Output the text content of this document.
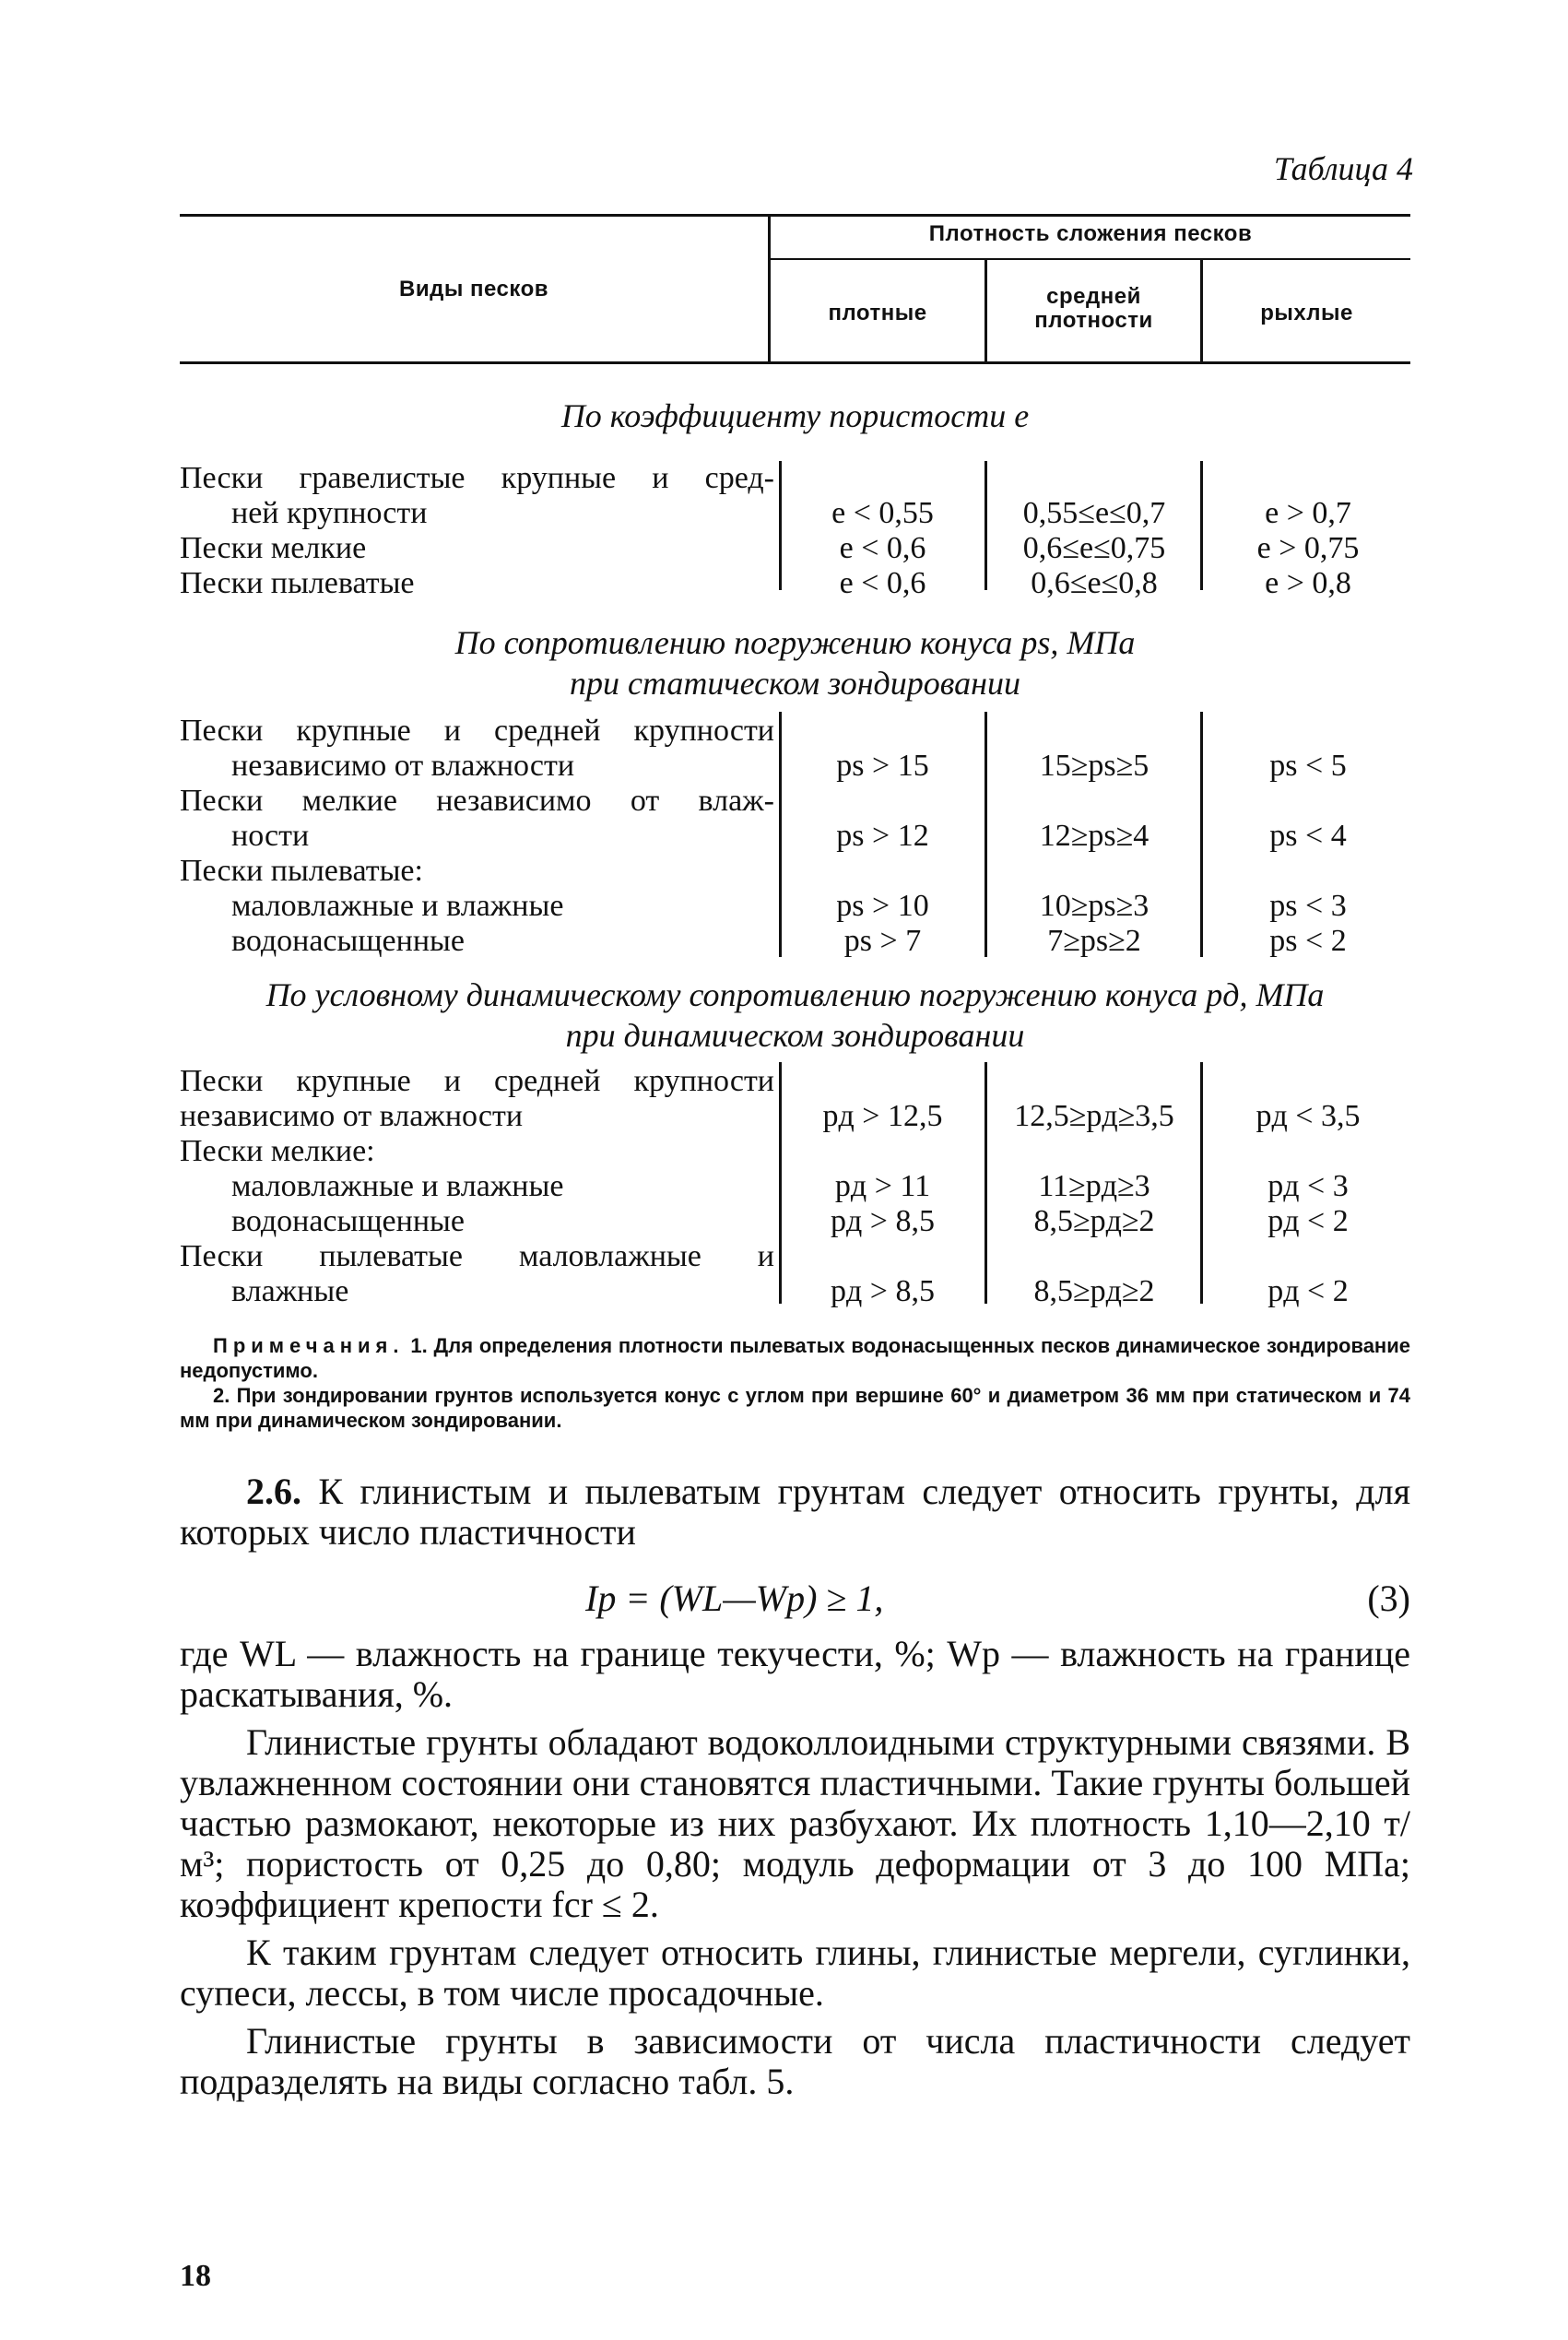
Таблица 4
Виды песков
Плотность сложения песков
плотные
средней
плотности	рыхлые
По коэффициенту пористости e
Пески гравелистые крупные и сред-
ней крупности
Пески мелкие
Пески пылеватые
e < 0,55
e < 0,6
e < 0,6
0,55≤e≤0,7
0,6≤e≤0,75
0,6≤e≤0,8
e > 0,7
e > 0,75
e > 0,8
По сопротивлению погружению конуса ps, МПа
при статическом зондировании
Пески крупные и средней крупности
независимо от влажности
Пески мелкие независимо от влаж-
ности
Пески пылеватые:
маловлажные и влажные
водонасыщенные
ps > 15
ps > 12
ps > 10
ps > 7
15≥ps≥5
12≥ps≥4
10≥ps≥3
7≥ps≥2
ps < 5
ps < 4
ps < 3
ps < 2
По условному динамическому сопротивлению погружению конуса pд, МПа
при динамическом зондировании
Пески крупные и средней крупности
независимо от влажности
Пески мелкие:
маловлажные и влажные
водонасыщенные
Пески пылеватые маловлажные и
влажные
pд > 12,5
pд > 11
pд > 8,5
pд > 8,5
12,5≥pд≥3,5
11≥pд≥3
8,5≥pд≥2
8,5≥pд≥2
pд < 3,5
pд < 3
pд < 2
pд < 2

Примечания. 1. Для определения плотности пылеватых водонасыщенных песков динамическое зондирование недопустимо.

2. При зондировании грунтов используется конус с углом при вершине 60° и диаметром 36 мм при статическом и 74 мм при динамическом зондировании.

2.6. К глинистым и пылеватым грунтам следует относить грунты, для которых число пластичности

Ip = (WL—Wp) ≥ 1,	(3)

где WL — влажность на границе текучести, %; Wp — влажность на границе раскатывания, %.

Глинистые грунты обладают водоколлоидными структурными связями. В увлажненном состоянии они становятся пластичными. Такие грунты большей частью размокают, некоторые из них разбухают. Их плотность 1,10—2,10 т/м³; пористость от 0,25 до 0,80; модуль деформации от 3 до 100 МПа; коэффициент крепости fcr ≤ 2.

К таким грунтам следует относить глины, глинистые мергели, суглинки, супеси, лессы, в том числе просадочные.

Глинистые грунты в зависимости от числа пластичности следует подразделять на виды согласно табл. 5.

18
